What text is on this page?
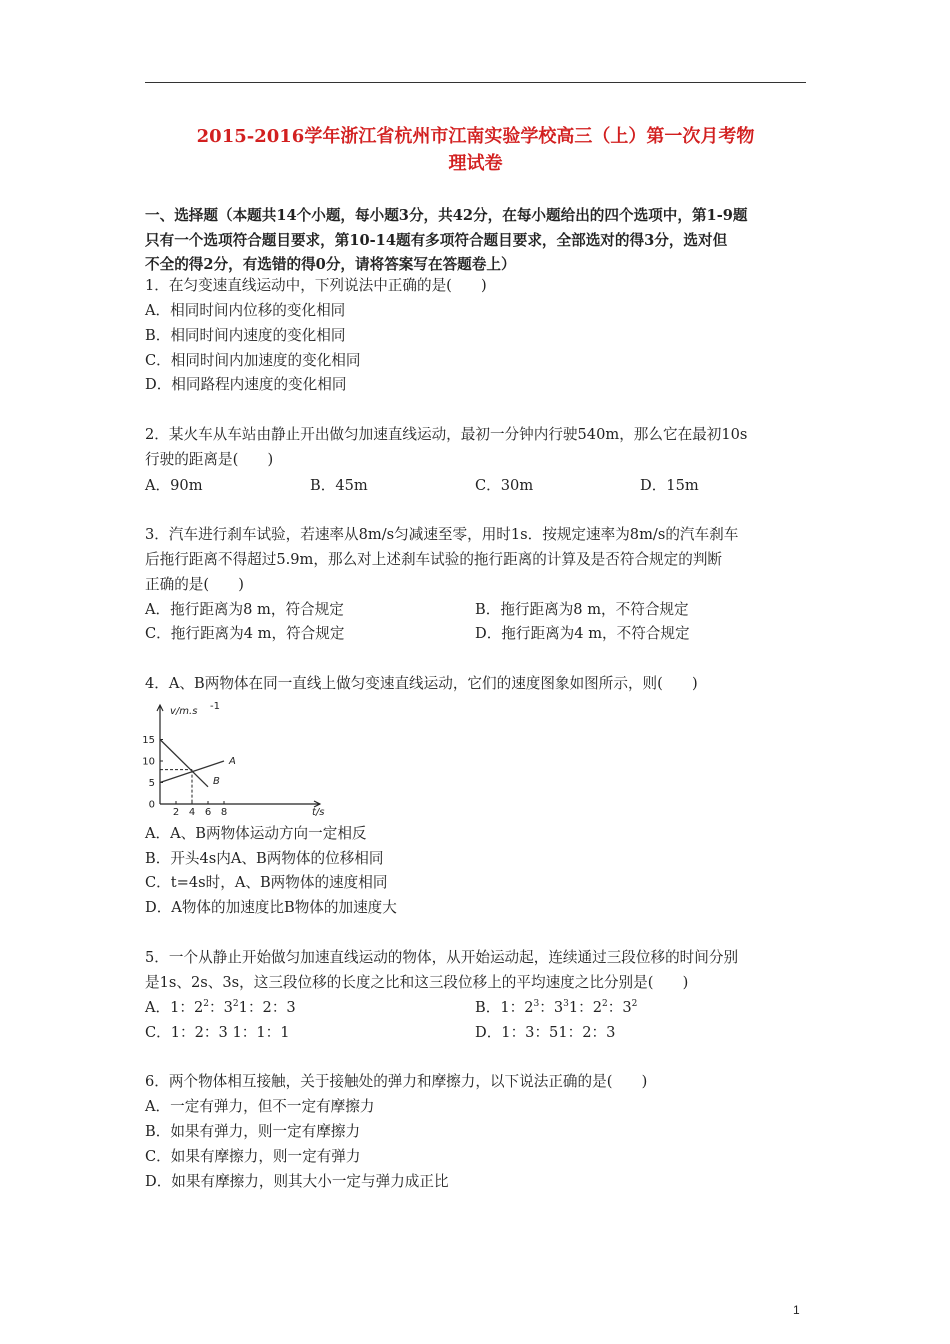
2015-2016学年浙江省杭州市江南实验学校高三（上）第一次月考物
理试卷
一、选择题（本题共14个小题，每小题3分，共42分，在每小题给出的四个选项中，第1-9题
只有一个选项符合题目要求，第10-14题有多项符合题目要求，全部选对的得3分，选对但
不全的得2分，有选错的得0分，请将答案写在答题卷上）
1．在匀变速直线运动中，下列说法中正确的是(　　)
A．相同时间内位移的变化相同
B．相同时间内速度的变化相同
C．相同时间内加速度的变化相同
D．相同路程内速度的变化相同
2．某火车从车站由静止开出做匀加速直线运动，最初一分钟内行驶540m，那么它在最初10s
行驶的距离是(　　)
A．90m	B．45m	C．30m	D．15m
3．汽车进行刹车试验，若速率从8m/s匀减速至零，用时1s．按规定速率为8m/s的汽车刹车
后拖行距离不得超过5.9m，那么对上述刹车试验的拖行距离的计算及是否符合规定的判断
正确的是(　　)
A．拖行距离为8 m，符合规定	B．拖行距离为8 m，不符合规定
C．拖行距离为4 m，符合规定	D．拖行距离为4 m，不符合规定
4．A、B两物体在同一直线上做匀变速直线运动，它们的速度图象如图所示，则(　　)
2 4 6 8
0
5
10
15
A
B
v/m.s -1
t/s
A．A、B两物体运动方向一定相反
B．开头4s内A、B两物体的位移相同
C．t=4s时，A、B两物体的速度相同
D．A物体的加速度比B物体的加速度大
5．一个从静止开始做匀加速直线运动的物体，从开始运动起，连续通过三段位移的时间分别
是1s、2s、3s，这三段位移的长度之比和这三段位移上的平均速度之比分别是(　　)
A．1：$2^2$：$3^21$：2：3	B．1：$2^3$：$3^31$：$2^2$：$3^2$
C．1：2：3 1：1：1	D．1：3：51：2：3
6．两个物体相互接触，关于接触处的弹力和摩擦力，以下说法正确的是(　　)
A．一定有弹力，但不一定有摩擦力
B．如果有弹力，则一定有摩擦力
C．如果有摩擦力，则一定有弹力
D．如果有摩擦力，则其大小一定与弹力成正比
1
